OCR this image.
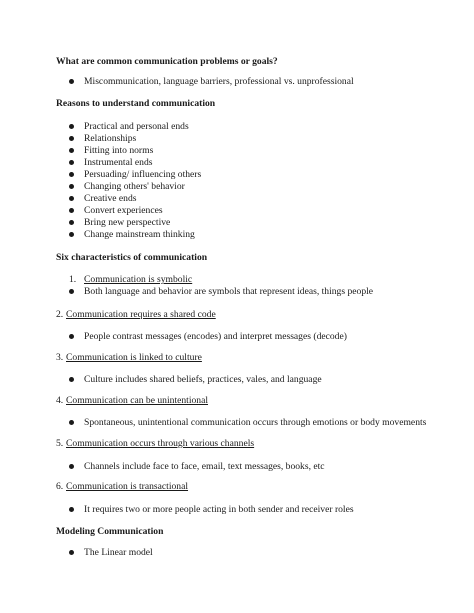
What are common communication problems or goals?
Miscommunication, language barriers, professional vs. unprofessional
Reasons to understand communication
Practical and personal ends
Relationships
Fitting into norms
Instrumental ends
Persuading/ influencing others
Changing others' behavior
Creative ends
Convert experiences
Bring new perspective
Change mainstream thinking
Six characteristics of communication
1. Communication is symbolic
Both language and behavior are symbols that represent ideas, things people
2. Communication requires a shared code
People contrast messages (encodes) and interpret messages (decode)
3. Communication is linked to culture
Culture includes shared beliefs, practices, vales, and language
4. Communication can be unintentional
Spontaneous, unintentional communication occurs through emotions or body movements
5. Communication occurs through various channels
Channels include face to face, email, text messages, books, etc
6. Communication is transactional
It requires two or more people acting in both sender and receiver roles
Modeling Communication
The Linear model
